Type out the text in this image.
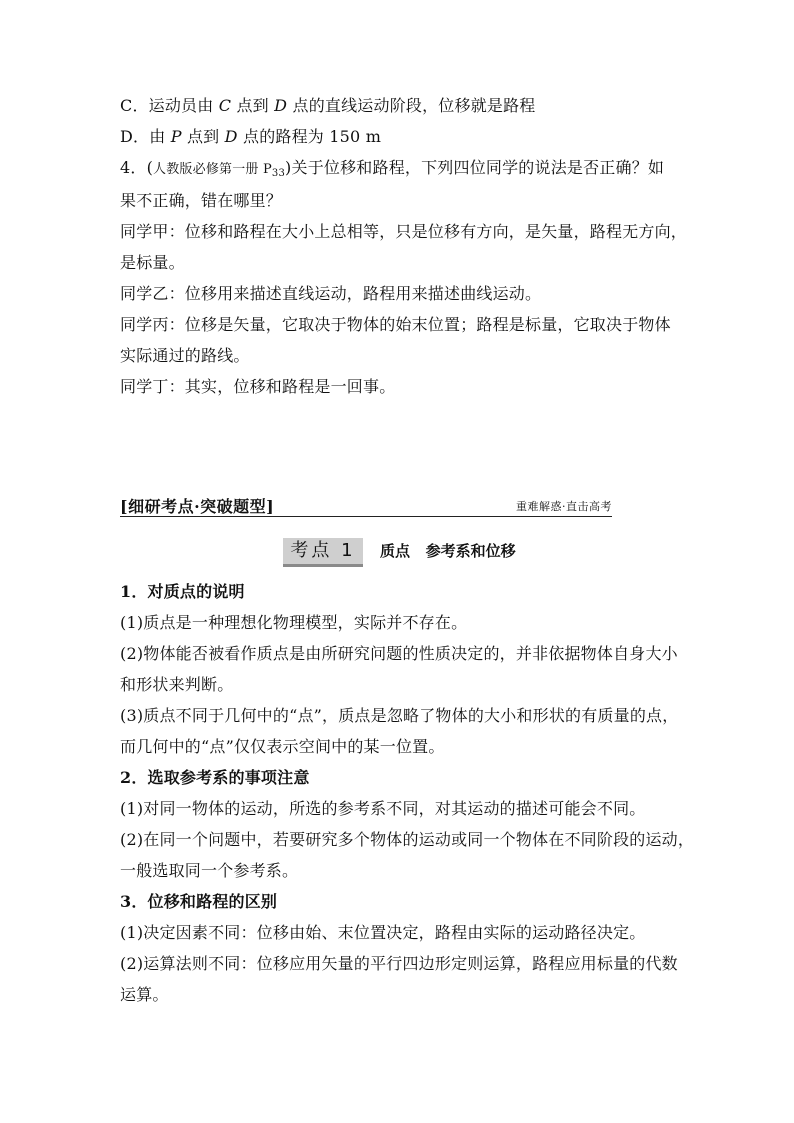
C．运动员由 C 点到 D 点的直线运动阶段，位移就是路程
D．由 P 点到 D 点的路程为 150 m
4．(人教版必修第一册 $P_{33}$)关于位移和路程，下列四位同学的说法是否正确？如
果不正确，错在哪里？
同学甲：位移和路程在大小上总相等，只是位移有方向，是矢量，路程无方向，
是标量。
同学乙：位移用来描述直线运动，路程用来描述曲线运动。
同学丙：位移是矢量，它取决于物体的始末位置；路程是标量，它取决于物体
实际通过的路线。
同学丁：其实，位移和路程是一回事。
[细研考点·突破题型]	重难解惑·直击高考
考点 1	质点   参考系和位移
1．对质点的说明
(1)质点是一种理想化物理模型，实际并不存在。
(2)物体能否被看作质点是由所研究问题的性质决定的，并非依据物体自身大小
和形状来判断。
(3)质点不同于几何中的“点”，质点是忽略了物体的大小和形状的有质量的点，
而几何中的“点”仅仅表示空间中的某一位置。
2．选取参考系的事项注意
(1)对同一物体的运动，所选的参考系不同，对其运动的描述可能会不同。
(2)在同一个问题中，若要研究多个物体的运动或同一个物体在不同阶段的运动，
一般选取同一个参考系。
3．位移和路程的区别
(1)决定因素不同：位移由始、末位置决定，路程由实际的运动路径决定。
(2)运算法则不同：位移应用矢量的平行四边形定则运算，路程应用标量的代数
运算。
